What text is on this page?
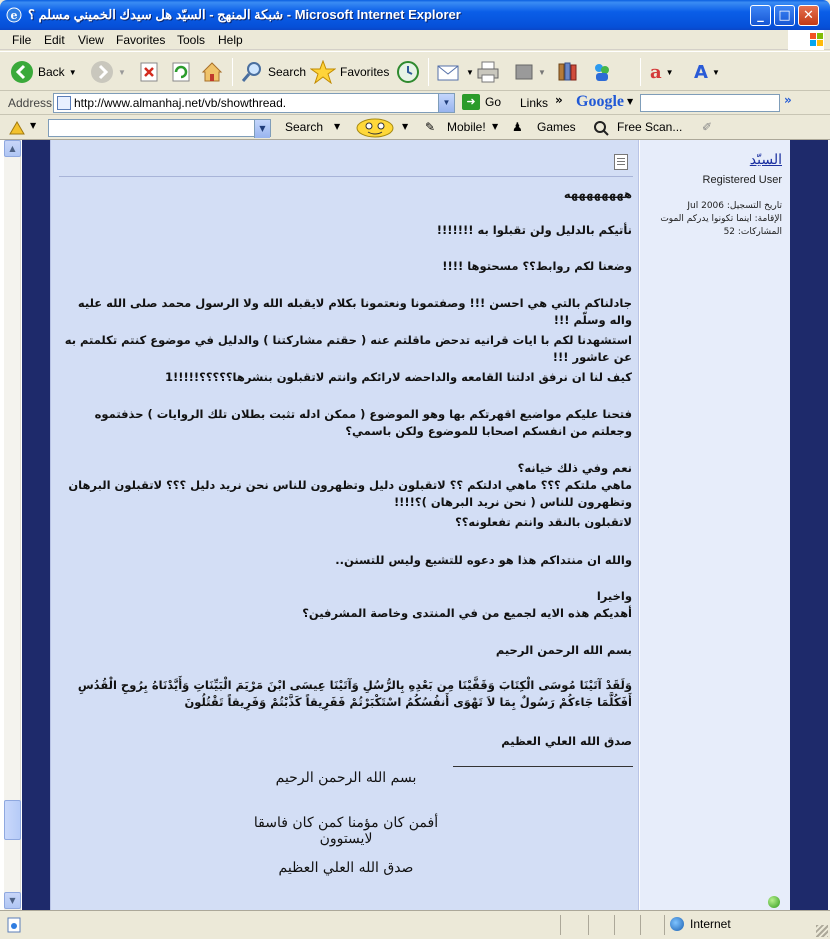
e شبكة المنهج - السيّد هل سيدك الخميني مسلم ؟ - Microsoft Internet Explorer	_	□ ✕
File Edit View Favorites Tools Help
Back ▼	▼	Search	Favorites	▼	▼	a ▼ A ▼
Address	http://www.almanhaj.net/vb/showthread.	▼	➜ Go Links » Google ▼	»
▼	▼	Search ▼	▼ ✎ Mobile! ▼ ♟ Games	Free Scan... ✐
▲
▼
ههههههههه
نأتيكم بالدليل ولن تقبلوا به !!!!!!!
وضعنا لكم روابط؟؟ مسحتوها !!!!
جادلناكم بالتي هي احسن !!! وصفتمونا ونعتمونا بكلام لايقبله الله ولا الرسول محمد صلى الله عليه واله وسلّم !!!
استشهدنا لكم با ايات قرانيه تدحض ماقلتم عنه ( حقتم مشاركتنا ) والدليل في موضوع كنتم تكلمتم به عن عاشور !!!
كيف لنا ان نرفق ادلتنا القامعه والداحضه لارائكم وانتم لاتقبلون بنشرها؟؟؟؟؟!!!!!1
فتحنا عليكم مواضيع اقهرتكم بها وهو الموضوع ( ممكن ادله تثبت بطلان تلك الروايات ) حذفتموه وجعلتم من انفسكم اصحابا للموضوع ولكن باسمي؟
نعم وفي ذلك خيانه؟
ماهي ملتكم ؟؟؟ ماهي ادلتكم ؟؟ لاتقبلون دليل وتظهرون للناس نحن نريد دليل ؟؟؟ لاتقبلون البرهان وتظهرون للناس ( نحن نريد البرهان )؟!!!!
لاتقبلون بالنقد وانتم تفعلونه؟؟
والله ان منتداكم هذا هو دعوه للتشيع وليس للتسنن..
واخيرا
أهديكم هذه الايه لجميع من في المنتدى وخاصة المشرفين؟
بسم الله الرحمن الرحيم
وَلَقَدْ آتَيْنَا مُوسَى الْكِتَابَ وَقَفَّيْنَا مِن بَعْدِهِ بِالرُّسُلِ وَآتَيْنَا عِيسَى ابْنَ مَرْيَمَ الْبَيِّنَاتِ وَأَيَّدْنَاهُ بِرُوحِ الْقُدُسِ أَفَكُلَّمَا جَاءكُمْ رَسُولٌ بِمَا لاَ تَهْوَى أَنفُسُكُمُ اسْتَكْبَرْتُمْ فَفَرِيقاً كَذَّبْتُمْ وَفَرِيقاً تَقْتُلُونَ
صدق الله العلي العظيم
بسم الله الرحمن الرحيم
أفمن كان مؤمنا كمن كان فاسقا لايستوون
صدق الله العلي العظيم
السيّد
Registered User
تاريخ التسجيل: Jul 2006
الإقامة: اينما تكونوا يدركم الموت
المشاركات: 52
Internet
